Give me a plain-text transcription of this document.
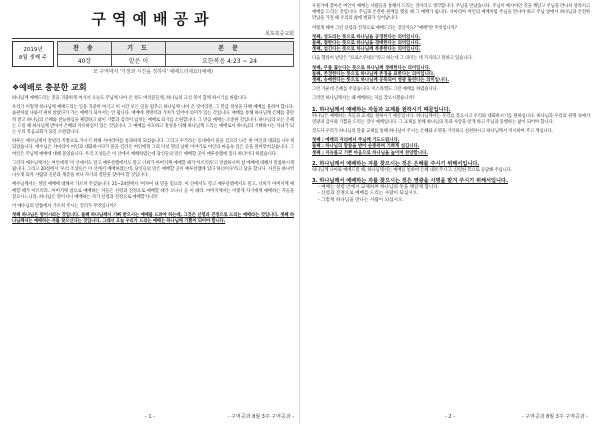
구역예배공과
목포북중교회
2019년
8월 셋째 주
찬 송	기 도	본 문
40장	맡은 이	요한복음 4:23 ~ 24
모 구역에서 '가정과 시간을 정하여' 예배드리세요!(예배)
❖예배로 충분한 교회

하나님께 예배드리는 것을 귀중하게 여겨서 오늘도 주님께 나아 온 성도 여러분들께, 하나님의 크신 복이 함께 하시기를 바랍니다.

우리가 이렇게 하나님께 예배드리는 일을 귀중히 여기고 이 시간 모든 일을 멈추고 하나님께 나아 온 것이라면, 그 만큼 정성을 다해 예배를 올려야 합니다. 습관처럼 나와서 편히 앉았다가 가는 예배가 되어서는 안 됩니다. 예배에 생명력과 가치가 있어야 의미가 있는 것입니다. 예배를 통해 하나님께 은혜를 충만히 받고 하나님의 은혜와 전능하심을 체험하고 삶이 기쁨과 감격이 넘치는 예배로 되기를 소원합니다. 그 만큼 예배는 소중한 것입니다. 하나님의 모든 은혜는 드릴 때 하나님께 받아서 은혜와 자유하심이 있는 것입니다. 그 예배를 사모하고 정성을 다해 하나님께 드리는 예배로서 하나님의 기뻐하시는 자녀가 되는 우리 복음교회가 되길 소원합니다.

하루는 예수님께서 갈릴리 지방으로 가시기 위해 사마리아를 통과하게 되셨습니다. 그리고 수가라는 동네에서 물을 길으러 나온 한 여인과 대화를 나누게 되었습니다. 예수님은 사마리아 여인과 대화하시다가 물을 길러온 여인에게 그의 다섯 명의 남편 이야기로 여인의 마음속 깊은 곳을 알아맞히셨습니다. 그 여인은 주님께 예배에 대해 물었습니다. 우리 조상들은 이 산에서 예배하였는데 당신들의 말은 예배할 곳이 예루살렘에 있다 하더이다 하였습니다.

그러자 예수님께서는 여인에게 '이 산에서도 말고 예루살렘에서도 말고 너희가 아버지께 예배할 때가 이르리라'고 말씀하시며 참 예배에 대해서 말씀하시게 됩니다. 그리고 20절에서 '우리 조상들은 이 산에서 예배하였는데, 당신들의 말은 예배할 곳이 예루살렘에 있다 하더이다'라고 답을 합니다. 사진을 하나씩 나누게 되자 사람의 신분과 계층을 떠나 자기의 결단을 찾아야 할 것입니다.

예수님께서는 정말 예배에 대해서 가르쳐 주셨습니다. 21~24절에서 '여자여 내 말을 믿으라. 이 산에서도 말고 예루살렘에서도 말고, 너희가 아버지께 예배할 때가 이르리라...아버지께 참으로 예배하는 자들은 신령과 진정으로 예배할 때가 오나니 곧 이 때라. 아버지께서는 이렇게 자기에게 예배하는 자들을 찾으시느니라. 하나님은 영이시니 예배하는 자가 신령과 진정으로 예배할지니라'

이 예수님의 말씀에서 가르쳐 주시는 진리가 무엇입니까?

첫째 하나님은 영이시라는 것입니다. 둘째 하나님께서 기뻐 받으시는 예배를 드려야 하는데, 그것은 신령과 진정으로 드리는 예배라는 것입니다. 셋째 하나님께서는 예배하는 자를 찾으신다는 것입니다. 그래서 오늘 우리가 드리는 예배는 하나님께 기쁨이 되어야 합니다.

- 1 -	- 구역공과 8월 3주 구역공과 -

우물가에 찾아온 여인이 예배는 사람들을 통해서 드리는 것이라고 생각합니다. 주님을 만났습니다. 주님이 메시야인 것을 깨닫고 주님을 만나서 달라지고 예배를 드리는 것입니다. 주님과 온전한 관계를 맺을 때 그 예배가 됩니다. 사마리아 여인의 예배처럼 주님을 만나야 하고 주님 앞에서 하나님과 온전한 만남을 가질 때 우리의 삶에 변화가 일어납니다.

어떻게 해야 그런 신령과 진정으로 예배드리는 것일까요? "예배"란 무엇입니까?

첫째, 성도라는 뜻으로 하나님을 공경한다는 의미입니다.
둘째, 절한다는 뜻으로 하나님을 경배한다는 의미입니다.
셋째, 섬긴다는 뜻으로 하나님께 복종한다는 의미입니다.

다음 헬라어 낱말은 "프로스쿠네오"라고 하는데 그 의미는 세 가지라고 말하고 있습니다.

첫째, 무릎 꿇는다는 뜻으로 하나님께 경배한다는 의미입니다.
둘째, 존경한다는 뜻으로 하나님께 존경을 표한다는 의미입니다.
셋째, 송배한다는 뜻으로 하나님께 공목되어 영광 돌린다는 의미입니다.

그런 가운데 은혜를 주셨습니다. 이스라엘도 그런 예배를 하였습니다.

그러면 하나님께서는 왜 예배하는 자를 찾으시겠습니까?

1. 하나님께서 예배하는 자들과 교제를 원하시기 때문입니다.

하나님은 예배하는 자들과 교제를 원하시기 때문입니다. 하나님께서는 우리를 찾으시고 우리와 대화하시기를 원하십니다. 하나님과 우리의 관계 속에서 영광과 감사와 기쁨을 드리는 것이 예배입니다. 그 교제를 통해 하나님의 뜻과 사랑을 알게 하고 주님과 동행하는 삶이 되어야 합니다.

전도자 우리가 하나님의 말씀 교제를 통해 하나님이 주시는 은혜와 소명을 기억하고 실천하시고 하나님께서 지시하여 주고 계십니다.

첫째 : 예배의 자리에서 주님께 기도드립니다.
둘째 : 하나님의 말씀을 받아 순종하며 기쁘게 섬깁니다.
셋째 : 자유롭고 기쁜 마음으로 하나님을 높이며 찬양합니다.
2. 하나님께서 예배하는 자를 찾으시는 것은 은혜를 주시기 위해서입니다.

하나님께 나아와 예배드릴 때, 하나님께서는 예배를 통하여 은혜 내려 주시고, 신령한 복으로 응답해 주십니다.

3. 하나님께서 예배하는 자를 찾으시는 것은 영광을 사명을 맡겨 주시기 위해서입니다.
- 예배는 성령 안에서 교제하며 하나님의 뜻을 깨닫게 합니다.
- 신령과 진정으로 예배를 드리는 사람이 되십시오.
- 그렇게 하나님을 만나는 사람이 되십시오.
- 2 -	- 구역공과 8월 3주 구역공과 -
